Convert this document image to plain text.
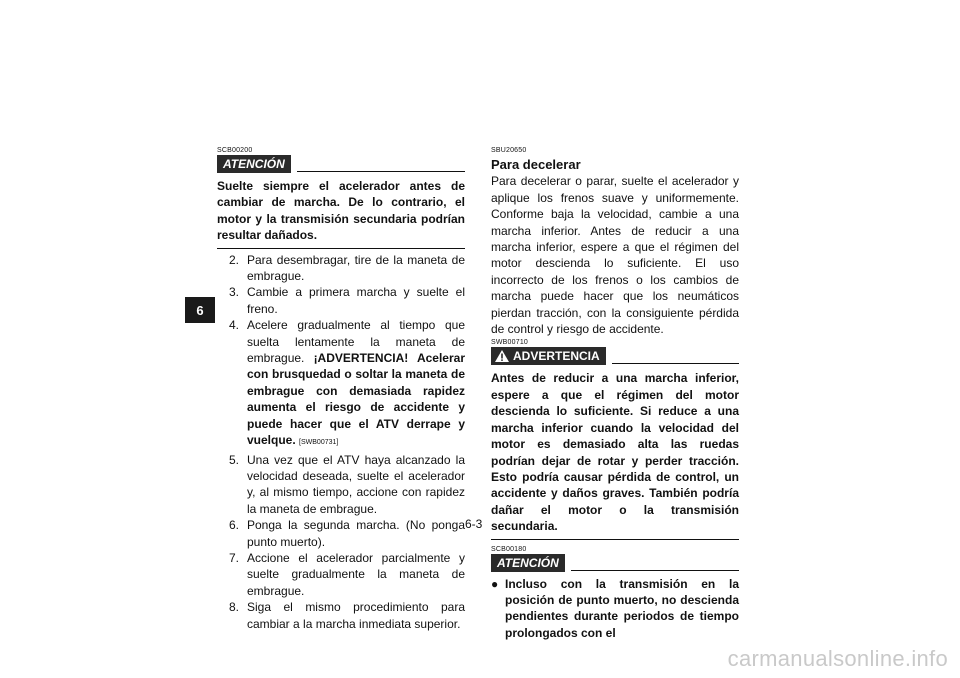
6
SCB00200
ATENCIÓN
Suelte siempre el acelerador antes de cambiar de marcha. De lo contrario, el motor y la transmisión secundaria podrían resultar dañados.
2. Para desembragar, tire de la maneta de embrague.
3. Cambie a primera marcha y suelte el freno.
4. Acelere gradualmente al tiempo que suelta lentamente la maneta de embrague. ¡ADVERTENCIA! Acelerar con brusquedad o soltar la maneta de embrague con demasiada rapidez aumenta el riesgo de accidente y puede hacer que el ATV derrape y vuelque. [SWB00731]
5. Una vez que el ATV haya alcanzado la velocidad deseada, suelte el acelerador y, al mismo tiempo, accione con rapidez la maneta de embrague.
6. Ponga la segunda marcha. (No ponga punto muerto).
7. Accione el acelerador parcialmente y suelte gradualmente la maneta de embrague.
8. Siga el mismo procedimiento para cambiar a la marcha inmediata superior.
SBU20650
Para decelerar
Para decelerar o parar, suelte el acelerador y aplique los frenos suave y uniformemente. Conforme baja la velocidad, cambie a una marcha inferior. Antes de reducir a una marcha inferior, espere a que el régimen del motor descienda lo suficiente. El uso incorrecto de los frenos o los cambios de marcha puede hacer que los neumáticos pierdan tracción, con la consiguiente pérdida de control y riesgo de accidente.
SWB00710
ADVERTENCIA
Antes de reducir a una marcha inferior, espere a que el régimen del motor descienda lo suficiente. Si reduce a una marcha inferior cuando la velocidad del motor es demasiado alta las ruedas podrían dejar de rotar y perder tracción. Esto podría causar pérdida de control, un accidente y daños graves. También podría dañar el motor o la transmisión secundaria.
SCB00180
ATENCIÓN
● Incluso con la transmisión en la posición de punto muerto, no descienda pendientes durante periodos de tiempo prolongados con el
6-3
carmanualsonline.info
